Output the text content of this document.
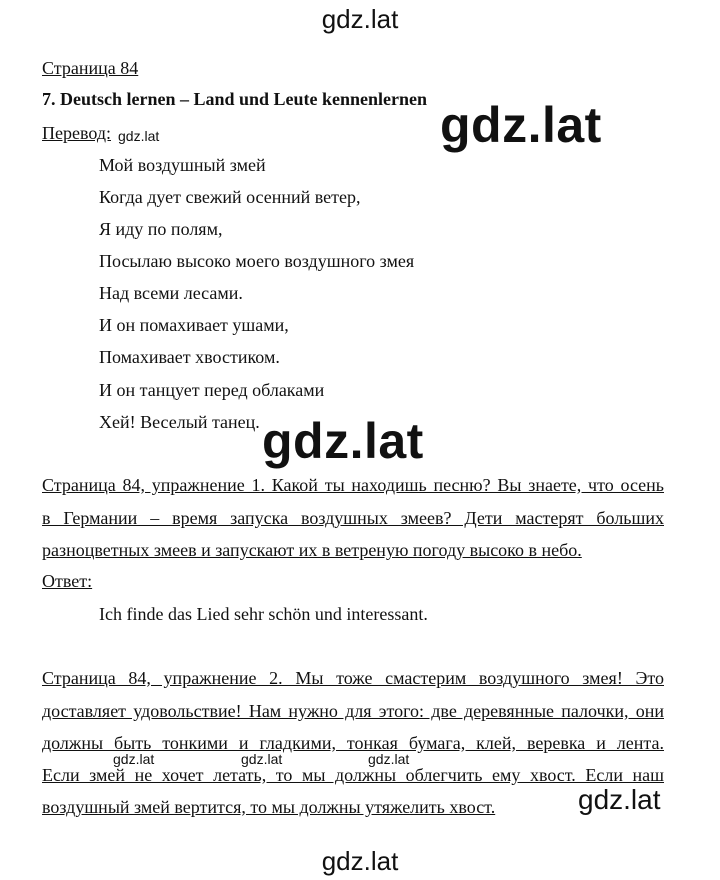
gdz.lat
gdz.lat
gdz.lat
gdz.lat
gdz.lat	gdz.lat	gdz.lat
gdz.lat
gdz.lat
Страница 84
7. Deutsch lernen – Land und Leute kennenlernen
Перевод:
Мой воздушный змей
Когда дует свежий осенний ветер,
Я иду по полям,
Посылаю высоко моего воздушного змея
Над всеми лесами.
И он помахивает ушами,
Помахивает хвостиком.
И он танцует перед облаками
Хей! Веселый танец.
Страница 84, упражнение 1. Какой ты находишь песню? Вы знаете, что осень
в Германии – время запуска воздушных змеев? Дети мастерят больших
разноцветных змеев и запускают их в ветреную погоду высоко в небо.
Ответ:
Ich finde das Lied sehr schön und interessant.
Страница 84, упражнение 2. Мы тоже смастерим воздушного змея! Это
доставляет удовольствие! Нам нужно для этого: две деревянные палочки, они
должны быть тонкими и гладкими, тонкая бумага, клей, веревка и лента.
Если змей не хочет летать, то мы должны облегчить ему хвост. Если наш
воздушный змей вертится, то мы должны утяжелить хвост.
